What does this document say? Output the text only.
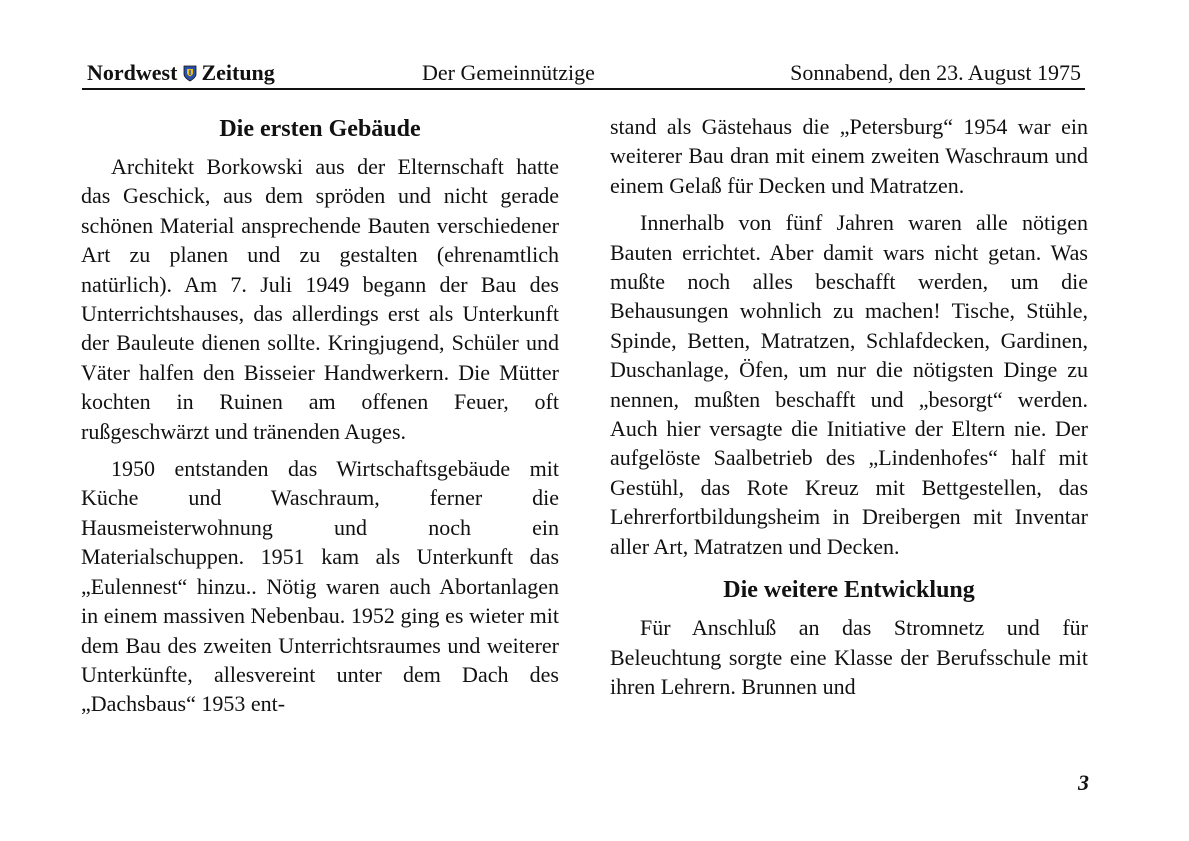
Nordwest Zeitung	Der Gemeinnützige	Sonnabend, den 23. August 1975
Die ersten Gebäude

Architekt Borkowski aus der Elternschaft hatte das Geschick, aus dem spröden und nicht gerade schönen Material ansprechende Bauten verschiedener Art zu planen und zu gestalten (ehrenamtlich natürlich). Am 7. Juli 1949 begann der Bau des Unterrichtshauses, das allerdings erst als Unterkunft der Bauleute dienen sollte. Kringjugend, Schüler und Väter halfen den Bisseier Handwerkern. Die Mütter kochten in Ruinen am offenen Feuer, oft rußgeschwärzt und tränenden Auges.

1950 entstanden das Wirtschaftsgebäude mit Küche und Waschraum, ferner die Hausmeisterwohnung und noch ein Materialschuppen. 1951 kam als Unterkunft das „Eulennest“ hinzu.. Nötig waren auch Abortanlagen in einem massiven Nebenbau. 1952 ging es wieter mit dem Bau des zweiten Unterrichtsraumes und weiterer Unterkünfte, allesvereint unter dem Dach des „Dachsbaus“ 1953 ent-

stand als Gästehaus die „Petersburg“ 1954 war ein weiterer Bau dran mit einem zweiten Waschraum und einem Gelaß für Decken und Matratzen.

Innerhalb von fünf Jahren waren alle nötigen Bauten errichtet. Aber damit wars nicht getan. Was mußte noch alles beschafft werden, um die Behausungen wohnlich zu machen! Tische, Stühle, Spinde, Betten, Matratzen, Schlafdecken, Gardinen, Duschanlage, Öfen, um nur die nötigsten Dinge zu nennen, mußten beschafft und „besorgt“ werden. Auch hier versagte die Initiative der Eltern nie. Der aufgelöste Saalbetrieb des „Lindenhofes“ half mit Gestühl, das Rote Kreuz mit Bettgestellen, das Lehrerfortbildungsheim in Dreibergen mit Inventar aller Art, Matratzen und Decken.

Die weitere Entwicklung

Für Anschluß an das Stromnetz und für Beleuchtung sorgte eine Klasse der Berufsschule mit ihren Lehrern. Brunnen und

3
